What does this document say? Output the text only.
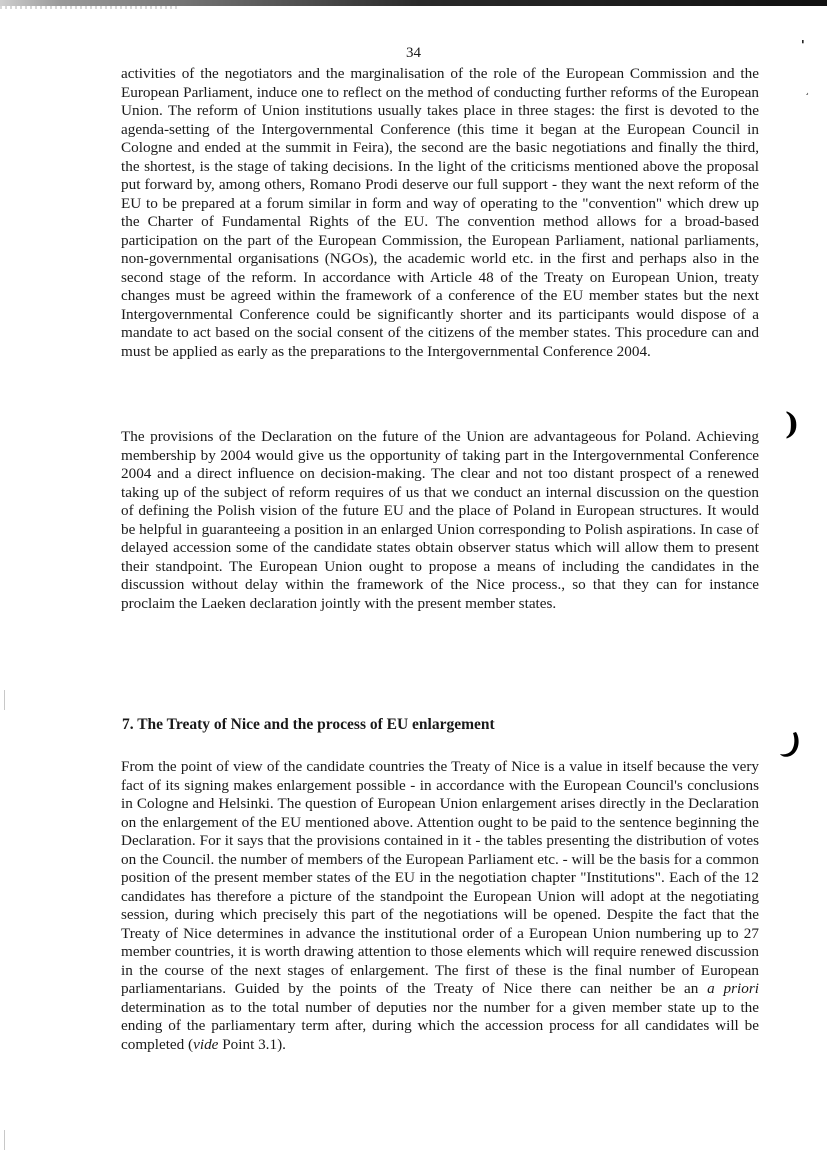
34

activities of the negotiators and the marginalisation of the role of the European Commission and the European Parliament, induce one to reflect on the method of conducting further reforms of the European Union. The reform of Union institutions usually takes place in three stages: the first is devoted to the agenda-setting of the Intergovernmental Conference (this time it began at the European Council in Cologne and ended at the summit in Feira), the second are the basic negotiations and finally the third, the shortest, is the stage of taking decisions. In the light of the criticisms mentioned above the proposal put forward by, among others, Romano Prodi deserve our full support - they want the next reform of the EU to be prepared at a forum similar in form and way of operating to the "convention" which drew up the Charter of Fundamental Rights of the EU. The convention method allows for a broad-based participation on the part of the European Commission, the European Parliament, national parliaments, non-governmental organisations (NGOs), the academic world etc. in the first and perhaps also in the second stage of the reform. In accordance with Article 48 of the Treaty on European Union, treaty changes must be agreed within the framework of a conference of the EU member states but the next Intergovernmental Conference could be significantly shorter and its participants would dispose of a mandate to act based on the social consent of the citizens of the member states. This procedure can and must be applied as early as the preparations to the Intergovernmental Conference 2004.

The provisions of the Declaration on the future of the Union are advantageous for Poland. Achieving membership by 2004 would give us the opportunity of taking part in the Intergovernmental Conference 2004 and a direct influence on decision-making. The clear and not too distant prospect of a renewed taking up of the subject of reform requires of us that we conduct an internal discussion on the question of defining the Polish vision of the future EU and the place of Poland in European structures. It would be helpful in guaranteeing a position in an enlarged Union corresponding to Polish aspirations. In case of delayed accession some of the candidate states obtain observer status which will allow them to present their standpoint. The European Union ought to propose a means of including the candidates in the discussion without delay within the framework of the Nice process., so that they can for instance proclaim the Laeken declaration jointly with the present member states.

7. The Treaty of Nice and the process of EU enlargement

From the point of view of the candidate countries the Treaty of Nice is a value in itself because the very fact of its signing makes enlargement possible - in accordance with the European Council's conclusions in Cologne and Helsinki. The question of European Union enlargement arises directly in the Declaration on the enlargement of the EU mentioned above. Attention ought to be paid to the sentence beginning the Declaration. For it says that the provisions contained in it - the tables presenting the distribution of votes on the Council. the number of members of the European Parliament etc. - will be the basis for a common position of the present member states of the EU in the negotiation chapter "Institutions". Each of the 12 candidates has therefore a picture of the standpoint the European Union will adopt at the negotiating session, during which precisely this part of the negotiations will be opened. Despite the fact that the Treaty of Nice determines in advance the institutional order of a European Union numbering up to 27 member countries, it is worth drawing attention to those elements which will require renewed discussion in the course of the next stages of enlargement. The first of these is the final number of European parliamentarians. Guided by the points of the Treaty of Nice there can neither be an a priori determination as to the total number of deputies nor the number for a given member state up to the ending of the parliamentary term after, during which the accession process for all candidates will be completed (vide Point 3.1).

'
¸
)
